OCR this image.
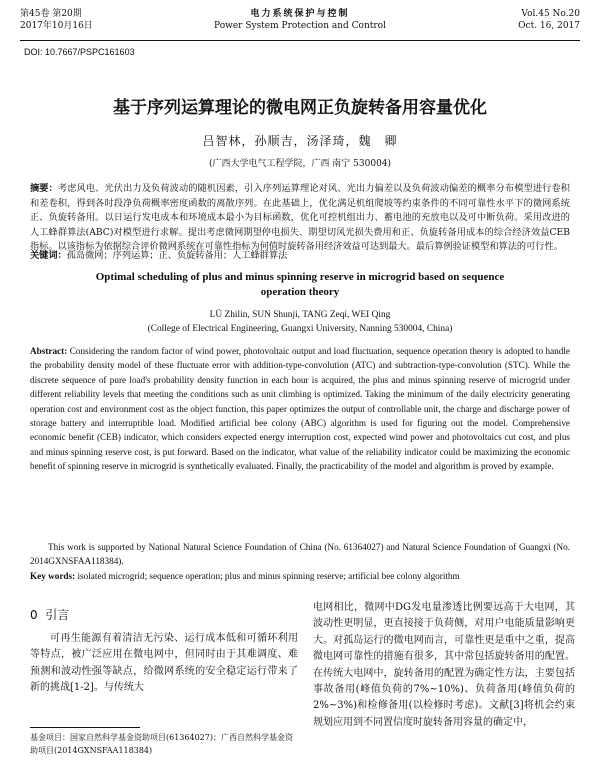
第45卷 第20期
2017年10月16日
电力系统保护与控制
Power System Protection and Control
Vol.45 No.20
Oct. 16, 2017
DOI: 10.7667/PSPC161603
基于序列运算理论的微电网正负旋转备用容量优化
吕智林，孙顺吉，汤泽琦，魏　卿
(广西大学电气工程学院，广西 南宁 530004)
摘要：考虑风电、光伏出力及负荷波动的随机因素，引入序列运算理论对风、光出力偏差以及负荷波动偏差的概率分布模型进行卷积和差卷积，得到各时段净负荷概率密度函数的离散序列。在此基础上，优化满足机组爬坡等约束条件的不同可靠性水平下的微网系统正、负旋转备用。以日运行发电成本和环境成本最小为目标函数，优化可控机组出力、蓄电池的充放电以及可中断负荷。采用改进的人工蜂群算法(ABC)对模型进行求解。提出考虑微网期望停电损失、期望切风光损失费用和正、负旋转备用成本的综合经济效益CEB指标。以该指标为依据综合评价微网系统在可靠性指标为何值时旋转备用经济效益可达到最大。最后算例验证模型和算法的可行性。
关键词：孤岛微网；序列运算；正、负旋转备用；人工蜂群算法
Optimal scheduling of plus and minus spinning reserve in microgrid based on sequence operation theory
LÜ Zhilin, SUN Shunji, TANG Zeqi, WEI Qing
(College of Electrical Engineering, Guangxi University, Nanning 530004, China)
Abstract: Considering the random factor of wind power, photovoltaic output and load fluctuation, sequence operation theory is adopted to handle the probability density model of these fluctuate error with addition-type-convolution (ATC) and subtraction-type-convolution (STC). While the discrete sequence of pure load's probability density function in each hour is acquired, the plus and minus spinning reserve of microgrid under different reliability levels that meeting the conditions such as unit climbing is optimized. Taking the minimum of the daily electricity generating operation cost and environment cost as the object function, this paper optimizes the output of controllable unit, the charge and discharge power of storage battery and interruptible load. Modified artificial bee colony (ABC) algorithm is used for figuring out the model. Comprehensive economic benefit (CEB) indicator, which considers expected energy interruption cost, expected wind power and photovoltaics cut cost, and plus and minus spinning reserve cost, is put forward. Based on the indicator, what value of the reliability indicator could be maximizing the economic benefit of spinning reserve in microgrid is synthetically evaluated. Finally, the practicability of the model and algorithm is proved by example.
This work is supported by National Natural Science Foundation of China (No. 61364027) and Natural Science Foundation of Guangxi (No. 2014GXNSFAA118384).
Key words: isolated microgrid; sequence operation; plus and minus spinning reserve; artificial bee colony algorithm
0 引言
可再生能源有着清洁无污染、运行成本低和可循环利用等特点，被广泛应用在微电网中，但同时由于其难调度、难预测和波动性强等缺点，给微网系统的安全稳定运行带来了新的挑战[1-2]。与传统大
电网相比，微网中DG发电量渗透比例要远高于大电网，其波动性更明显，更直接接于负荷侧，对用户电能质量影响更大。对孤岛运行的微电网而言，可靠性更是重中之重，提高微电网可靠性的措施有很多，其中常包括旋转备用的配置。在传统大电网中，旋转备用的配置为确定性方法，主要包括事故备用(峰值负荷的7%~10%)、负荷备用(峰值负荷的2%~3%)和检修备用(以检修时考虑)。文献[3]将机会约束规划应用到不同置信度时旋转备用容量的确定中，
基金项目：国家自然科学基金资助项目(61364027)；广西自然科学基金资助项目(2014GXNSFAA118384)
